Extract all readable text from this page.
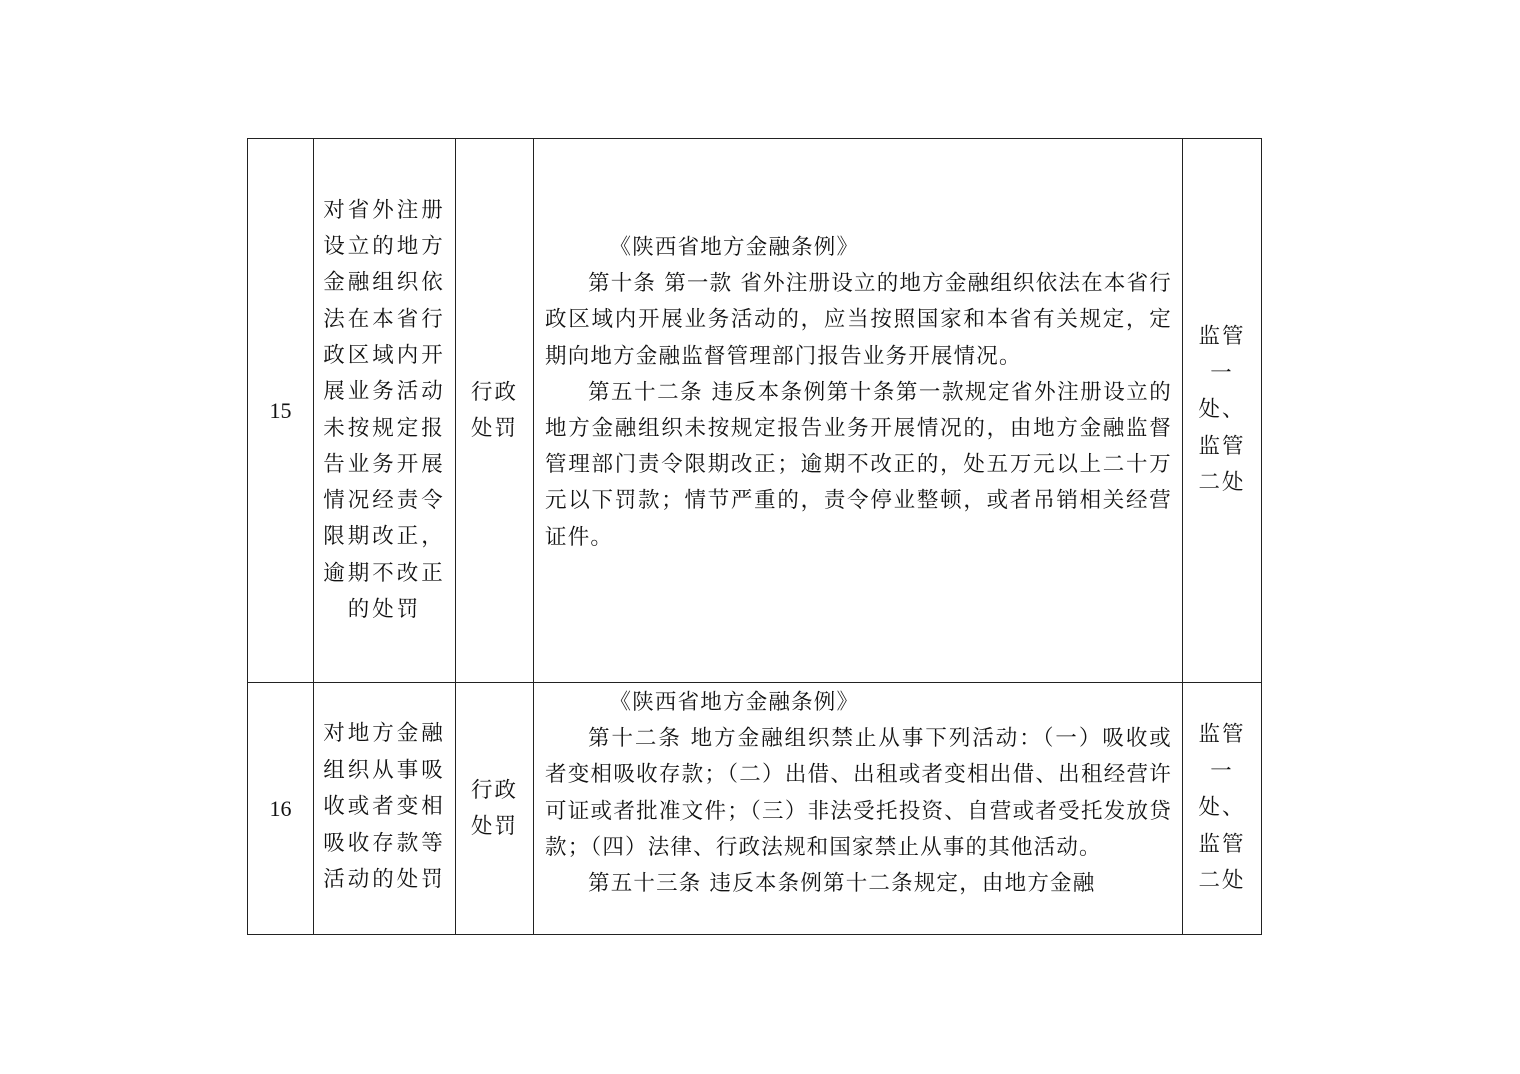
15
对省外注册设立的地方金融组织依法在本省行政区域内开展业务活动未按规定报告业务开展情况经责令限期改正，逾期不改正的处罚
行政处罚

《陕西省地方金融条例》

第十条 第一款 省外注册设立的地方金融组织依法在本省行政区域内开展业务活动的，应当按照国家和本省有关规定，定期向地方金融监督管理部门报告业务开展情况。

第五十二条 违反本条例第十条第一款规定省外注册设立的地方金融组织未按规定报告业务开展情况的，由地方金融监督管理部门责令限期改正；逾期不改正的，处五万元以上二十万元以下罚款；情节严重的，责令停业整顿，或者吊销相关经营证件。

监管一处、监管二处
16
对地方金融组织从事吸收或者变相吸收存款等活动的处罚
行政处罚

《陕西省地方金融条例》

第十二条 地方金融组织禁止从事下列活动：（一）吸收或者变相吸收存款；（二）出借、出租或者变相出借、出租经营许可证或者批准文件；（三）非法受托投资、自营或者受托发放贷款；（四）法律、行政法规和国家禁止从事的其他活动。

第五十三条 违反本条例第十二条规定，由地方金融

监管一处、监管二处
